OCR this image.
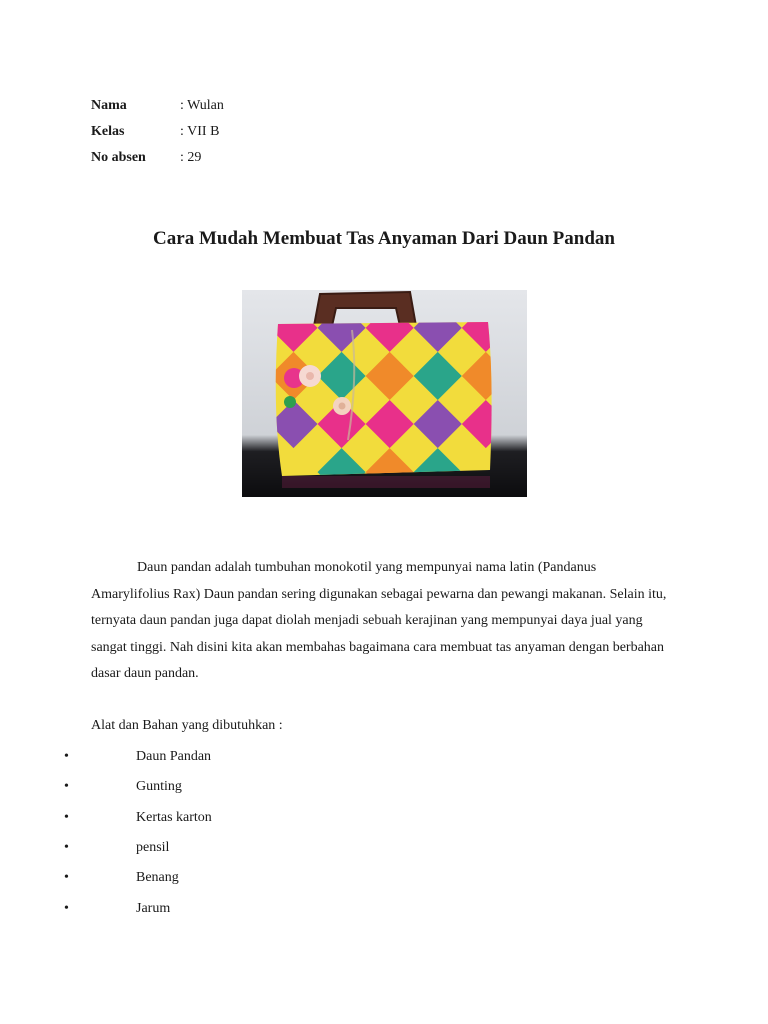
Nama	: Wulan
Kelas	: VII B
No absen	: 29
Cara Mudah Membuat Tas Anyaman Dari Daun Pandan

Daun pandan adalah tumbuhan monokotil yang mempunyai nama latin (Pandanus Amarylifolius Rax) Daun pandan sering digunakan sebagai pewarna dan pewangi makanan. Selain itu, ternyata daun pandan juga dapat diolah menjadi sebuah kerajinan yang mempunyai daya jual yang sangat tinggi. Nah disini kita akan membahas bagaimana cara membuat tas anyaman dengan berbahan dasar daun pandan.

Alat dan Bahan yang dibutuhkan :
•	Daun Pandan
•	Gunting
•	Kertas karton
•	pensil
•	Benang
•	Jarum
